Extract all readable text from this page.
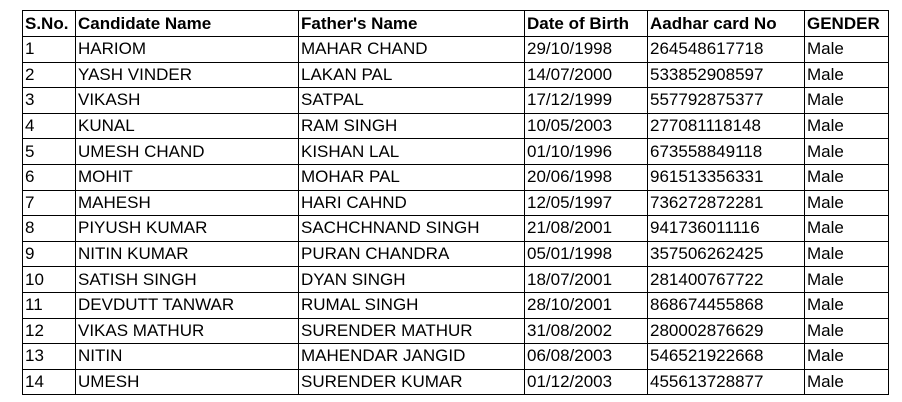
S.No.	Candidate Name	Father's Name	Date of Birth	Aadhar card No	GENDER
1	HARIOM	MAHAR CHAND	29/10/1998	264548617718	Male
2	YASH VINDER	LAKAN PAL	14/07/2000	533852908597	Male
3	VIKASH	SATPAL	17/12/1999	557792875377	Male
4	KUNAL	RAM SINGH	10/05/2003	277081118148	Male
5	UMESH CHAND	KISHAN LAL	01/10/1996	673558849118	Male
6	MOHIT	MOHAR PAL	20/06/1998	961513356331	Male
7	MAHESH	HARI CAHND	12/05/1997	736272872281	Male
8	PIYUSH KUMAR	SACHCHNAND SINGH	21/08/2001	941736011116	Male
9	NITIN KUMAR	PURAN CHANDRA	05/01/1998	357506262425	Male
10	SATISH SINGH	DYAN SINGH	18/07/2001	281400767722	Male
11	DEVDUTT TANWAR	RUMAL SINGH	28/10/2001	868674455868	Male
12	VIKAS MATHUR	SURENDER MATHUR	31/08/2002	280002876629	Male
13	NITIN	MAHENDAR JANGID	06/08/2003	546521922668	Male
14	UMESH	SURENDER KUMAR	01/12/2003	455613728877	Male
